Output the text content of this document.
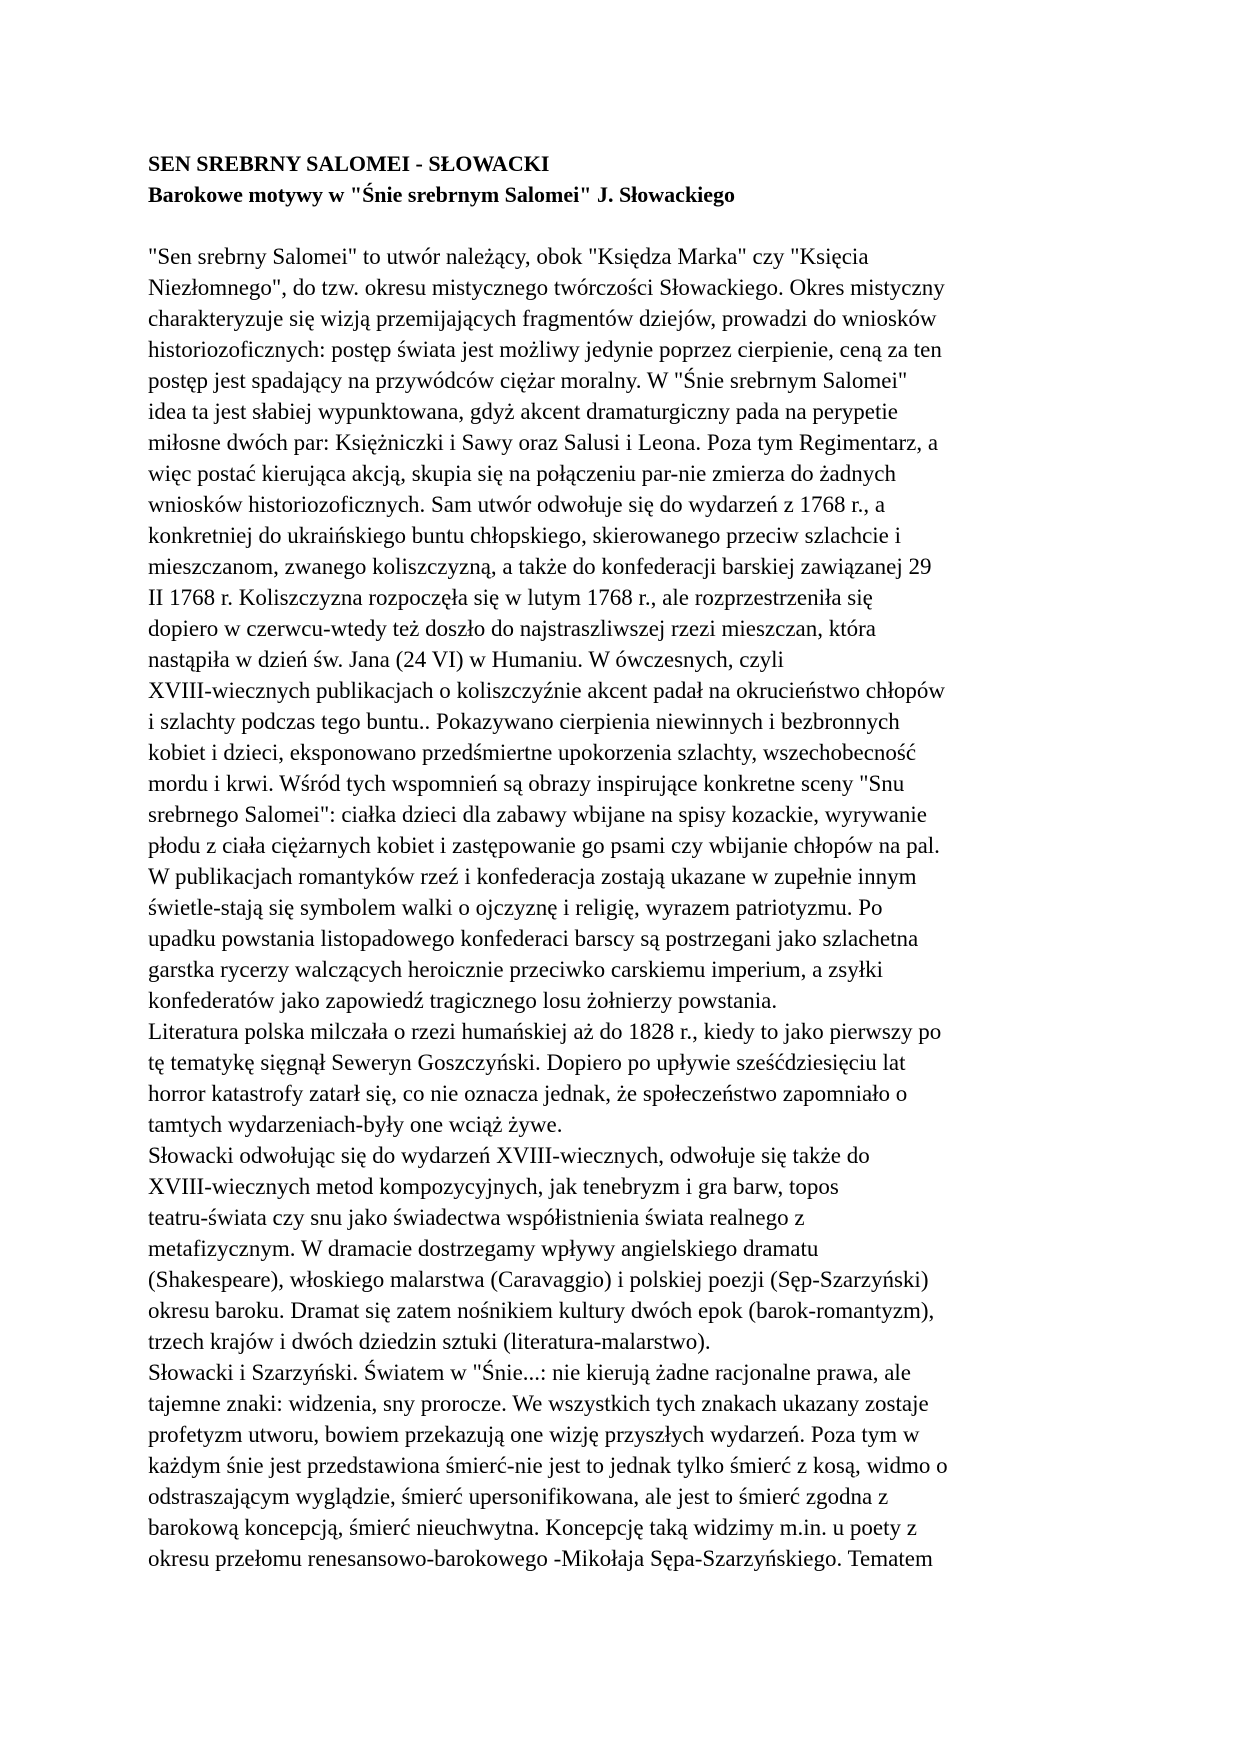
SEN SREBRNY SALOMEI - SŁOWACKI
Barokowe motywy w "Śnie srebrnym Salomei" J. Słowackiego
"Sen srebrny Salomei" to utwór należący, obok "Księdza Marka" czy "Księcia
Niezłomnego", do tzw. okresu mistycznego twórczości Słowackiego. Okres mistyczny
charakteryzuje się wizją przemijających fragmentów dziejów, prowadzi do wniosków
historiozoficznych: postęp świata jest możliwy jedynie poprzez cierpienie, ceną za ten
postęp jest spadający na przywódców ciężar moralny. W "Śnie srebrnym Salomei"
idea ta jest słabiej wypunktowana, gdyż akcent dramaturgiczny pada na perypetie
miłosne dwóch par: Księżniczki i Sawy oraz Salusi i Leona. Poza tym Regimentarz, a
więc postać kierująca akcją, skupia się na połączeniu par-nie zmierza do żadnych
wniosków historiozoficznych. Sam utwór odwołuje się do wydarzeń z 1768 r., a
konkretniej do ukraińskiego buntu chłopskiego, skierowanego przeciw szlachcie i
mieszczanom, zwanego koliszczyzną, a także do konfederacji barskiej zawiązanej 29
II 1768 r. Koliszczyzna rozpoczęła się w lutym 1768 r., ale rozprzestrzeniła się
dopiero w czerwcu-wtedy też doszło do najstraszliwszej rzezi mieszczan, która
nastąpiła w dzień św. Jana (24 VI) w Humaniu. W ówczesnych, czyli
XVIII-wiecznych publikacjach o koliszczyźnie akcent padał na okrucieństwo chłopów
i szlachty podczas tego buntu.. Pokazywano cierpienia niewinnych i bezbronnych
kobiet i dzieci, eksponowano przedśmiertne upokorzenia szlachty, wszechobecność
mordu i krwi. Wśród tych wspomnień są obrazy inspirujące konkretne sceny "Snu
srebrnego Salomei": ciałka dzieci dla zabawy wbijane na spisy kozackie, wyrywanie
płodu z ciała ciężarnych kobiet i zastępowanie go psami czy wbijanie chłopów na pal.
W publikacjach romantyków rzeź i konfederacja zostają ukazane w zupełnie innym
świetle-stają się symbolem walki o ojczyznę i religię, wyrazem patriotyzmu. Po
upadku powstania listopadowego konfederaci barscy są postrzegani jako szlachetna
garstka rycerzy walczących heroicznie przeciwko carskiemu imperium, a zsyłki
konfederatów jako zapowiedź tragicznego losu żołnierzy powstania.
Literatura polska milczała o rzezi humańskiej aż do 1828 r., kiedy to jako pierwszy po
tę tematykę sięgnął Seweryn Goszczyński. Dopiero po upływie sześćdziesięciu lat
horror katastrofy zatarł się, co nie oznacza jednak, że społeczeństwo zapomniało o
tamtych wydarzeniach-były one wciąż żywe.
Słowacki odwołując się do wydarzeń XVIII-wiecznych, odwołuje się także do
XVIII-wiecznych metod kompozycyjnych, jak tenebryzm i gra barw, topos
teatru-świata czy snu jako świadectwa współistnienia świata realnego z
metafizycznym. W dramacie dostrzegamy wpływy angielskiego dramatu
(Shakespeare), włoskiego malarstwa (Caravaggio) i polskiej poezji (Sęp-Szarzyński)
okresu baroku. Dramat się zatem nośnikiem kultury dwóch epok (barok-romantyzm),
trzech krajów i dwóch dziedzin sztuki (literatura-malarstwo).
Słowacki i Szarzyński. Światem w "Śnie...: nie kierują żadne racjonalne prawa, ale
tajemne znaki: widzenia, sny prorocze. We wszystkich tych znakach ukazany zostaje
profetyzm utworu, bowiem przekazują one wizję przyszłych wydarzeń. Poza tym w
każdym śnie jest przedstawiona śmierć-nie jest to jednak tylko śmierć z kosą, widmo o
odstraszającym wyglądzie, śmierć upersonifikowana, ale jest to śmierć zgodna z
barokową koncepcją, śmierć nieuchwytna. Koncepcję taką widzimy m.in. u poety z
okresu przełomu renesansowo-barokowego -Mikołaja Sępa-Szarzyńskiego. Tematem
